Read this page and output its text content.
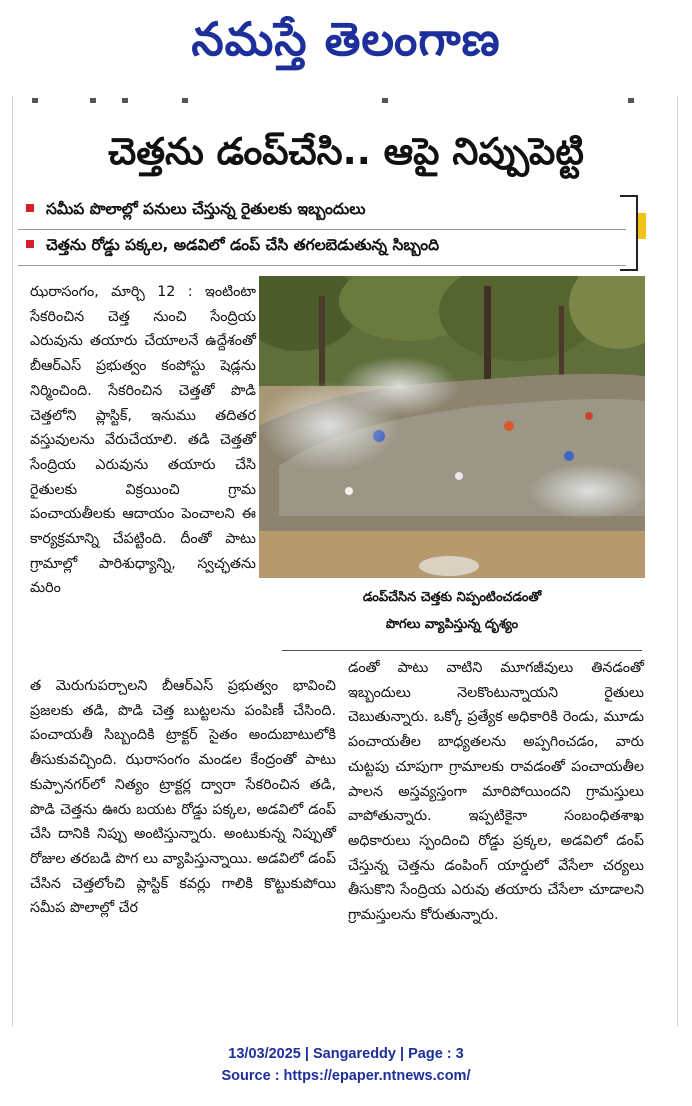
నమస్తే తెలంగాణ
చెత్తను డంప్‌చేసి.. ఆపై నిప్పుపెట్టి
సమీప పొలాల్లో పనులు చేస్తున్న రైతులకు ఇబ్బందులు
చెత్తను రోడ్డు పక్కల, అడవిలో డంప్ చేసి తగలబెడుతున్న సిబ్బంది

ఝరాసంగం, మార్చి 12 : ఇంటింటా సేకరించిన చెత్త నుంచి సేంద్రియ ఎరువును తయారు చేయాలనే ఉద్దేశంతో బీఆర్‌ఎస్ ప్రభుత్వం కంపోస్టు షెడ్లను నిర్మించింది. సేకరించిన చెత్తతో పొడి చెత్తలోని ప్లాస్టిక్, ఇనుము తదితర వస్తువులను వేరుచేయాలి. తడి చెత్తతో సేంద్రియ ఎరువును తయారు చేసి రైతులకు విక్రయించి గ్రామ పంచాయతీలకు ఆదాయం పెంచాలని ఈ కార్యక్రమాన్ని చేపట్టింది. దీంతో పాటు గ్రామాల్లో పారిశుధ్యాన్ని, స్వచ్ఛతను మరిం

డంప్‌చేసిన చెత్తకు నిప్పంటించడంతో
పొగలు వ్యాపిస్తున్న దృశ్యం

త మెరుగుపర్చాలని బీఆర్‌ఎస్ ప్రభుత్వం భావించి ప్రజలకు తడి, పొడి చెత్త బుట్టలను పంపిణీ చేసింది. పంచాయతీ సిబ్బందికి ట్రాక్టర్ సైతం అందుబాటులోకి తీసుకువచ్చింది. ఝరాసంగం మండల కేంద్రంతో పాటు కుప్పానగర్‌లో నిత్యం ట్రాక్టర్ల ద్వారా సేకరించిన తడి, పొడి చెత్తను ఊరు బయట రోడ్డు పక్కల, అడవిలో డంప్ చేసి దానికి నిప్పు అంటిస్తున్నారు. అంటుకున్న నిప్పుతో రోజుల తరబడి పొగ లు వ్యాపిస్తున్నాయి. అడవిలో డంప్ చేసిన చెత్తలోంచి ప్లాస్టిక్ కవర్లు గాలికి కొట్టుకుపోయి సమీప పొలాల్లో చేర

డంతో పాటు వాటిని మూగజీవులు తినడంతో ఇబ్బందులు నెలకొంటున్నాయని రైతులు చెబుతున్నారు. ఒక్కో ప్రత్యేక అధికారికి రెండు, మూడు పంచాయతీల బాధ్యతలను అప్పగించడం, వారు చుట్టపు చూపుగా గ్రామాలకు రావడంతో పంచాయతీల పాలన అస్తవ్యస్తంగా మారిపోయిందని గ్రామస్తులు వాపోతున్నారు. ఇప్పటికైనా సంబంధితశాఖ అధికారులు స్పందించి రోడ్డు ప్రక్కల, అడవిలో డంప్ చేస్తున్న చెత్తను డంపింగ్ యార్డులో వేసేలా చర్యలు తీసుకొని సేంద్రియ ఎరువు తయారు చేసేలా చూడాలని గ్రామస్తులను కోరుతున్నారు.

13/03/2025 | Sangareddy | Page : 3
Source : https://epaper.ntnews.com/
